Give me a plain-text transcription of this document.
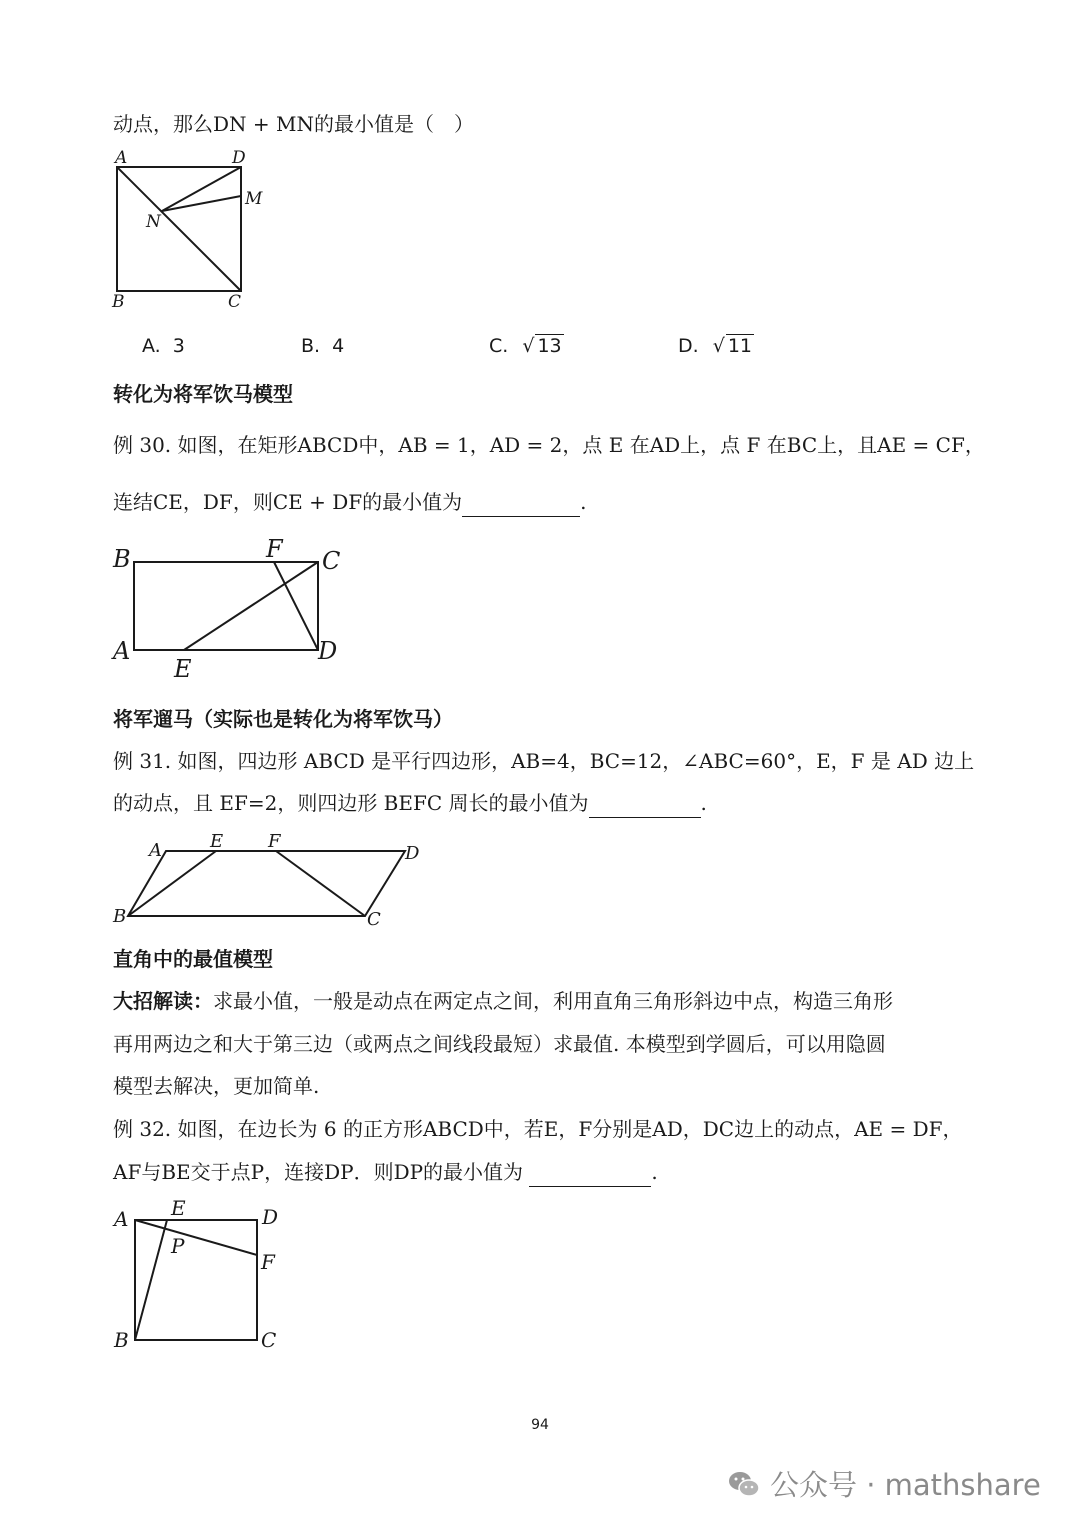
动点，那么DN + MN的最小值是（　）
A	D
M
N
B	C
A. 3	B. 4	C. √ 13	D. √ 11
转化为将军饮马模型
例 30. 如图，在矩形ABCD中，AB = 1，AD = 2，点 E 在AD上，点 F 在BC上，且AE = CF，
连结CE，DF，则CE + DF的最小值为	.
B	F C
A
E
D
将军遛马（实际也是转化为将军饮马）
例 31. 如图，四边形 ABCD 是平行四边形，AB=4，BC=12，∠ABC=60°，E，F 是 AD 边上
的动点，且 EF=2，则四边形 BEFC 周长的最小值为	.
A	E F
D
B	C
直角中的最值模型
大招解读：求最小值，一般是动点在两定点之间，利用直角三角形斜边中点，构造三角形
再用两边之和大于第三边（或两点之间线段最短）求最值. 本模型到学圆后，可以用隐圆
模型去解决，更加简单.
例 32. 如图，在边长为 6 的正方形ABCD中，若E，F分别是AD，DC边上的动点，AE = DF，
AF与BE交于点P，连接DP．则DP的最小值为	.
A E	D
P
F
B	C
94
公众号 · mathshare
